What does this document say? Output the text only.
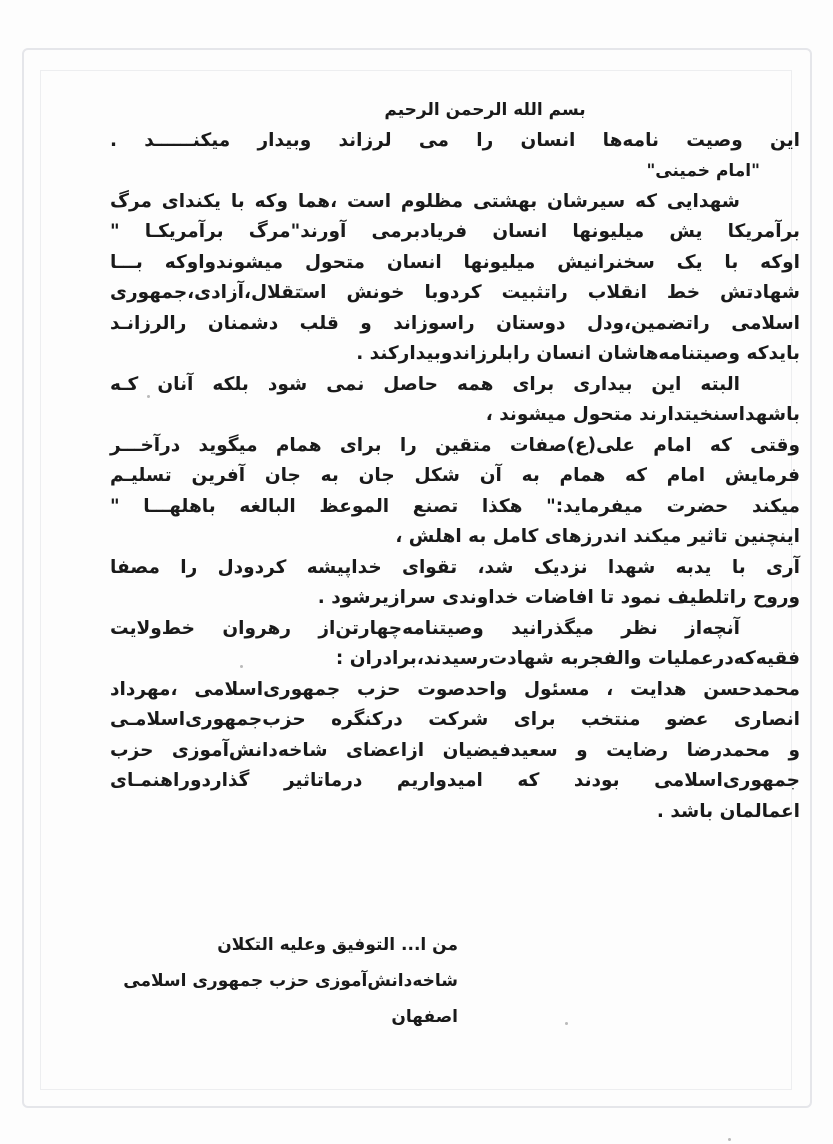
بسم الله الرحمن الرحیم
این وصیت نامه‌ها انسان را می لرزاند وبیدار میکنــــــد .
"امام خمینی"
شهدایی که سیرشان بهشتی مظلوم است ،هما وکه با یکندای مرگ
برآمریکا یش میلیونها انسان فریادبرمی آورند"مرگ برآمریکـا "
اوکه با یک سخنرانیش میلیونها انسان متحول میشوندواوکه بـــا
شهادتش خط انقلاب راتثبیت کردوبا خونش استقلال،آزادی،جمهوری
اسلامی راتضمین،ودل دوستان راسوزاند و قلب دشمنان رالرزانـد
بایدکه وصیتنامه‌هاشان انسان رابلرزاندوبیدارکند .
البته این بیداری برای همه حاصل نمی شود بلکه آنان کـه
باشهداسنخیتدارند متحول میشوند ،
وقتی که امام علی(ع)صفات متقین را برای همام میگوید درآخـــر
فرمایش امام که همام به آن شکل جان به جان آفرین تسلیـم
میکند حضرت میفرماید:" هکذا تصنع الموعظ البالغه باهلهـــا "
اینچنین تاثیر میکند اندرزهای کامل به اهلش ،
آری با یدبه شهدا نزدیک شد، تقوای خداپیشه کردودل را مصفا
وروح راتلطیف نمود تا افاضات خداوندی سرازیرشود .
آنچه‌از نظر میگذرانید وصیتنامه‌چهارتن‌از رهروان خط‌ولایت
فقیه‌که‌درعملیات والفجربه شهادت‌رسیدند،برادران :
محمدحسن هدایت ، مسئول واحدصوت حزب جمهوری‌اسلامی ،مهرداد
انصاری عضو منتخب برای شرکت درکنگره حزب‌جمهوری‌اسلامـی
و محمدرضا رضایت و سعیدفیضیان ازاعضای شاخه‌دانش‌آموزی حزب
جمهوری‌اسلامی بودند که امیدواریم درماتاثیر گذاردوراهنمـای
اعمالمان باشد .
من ا... التوفیق وعلیه التکلان
شاخه‌دانش‌آموزی حزب جمهوری اسلامی
اصفهان
